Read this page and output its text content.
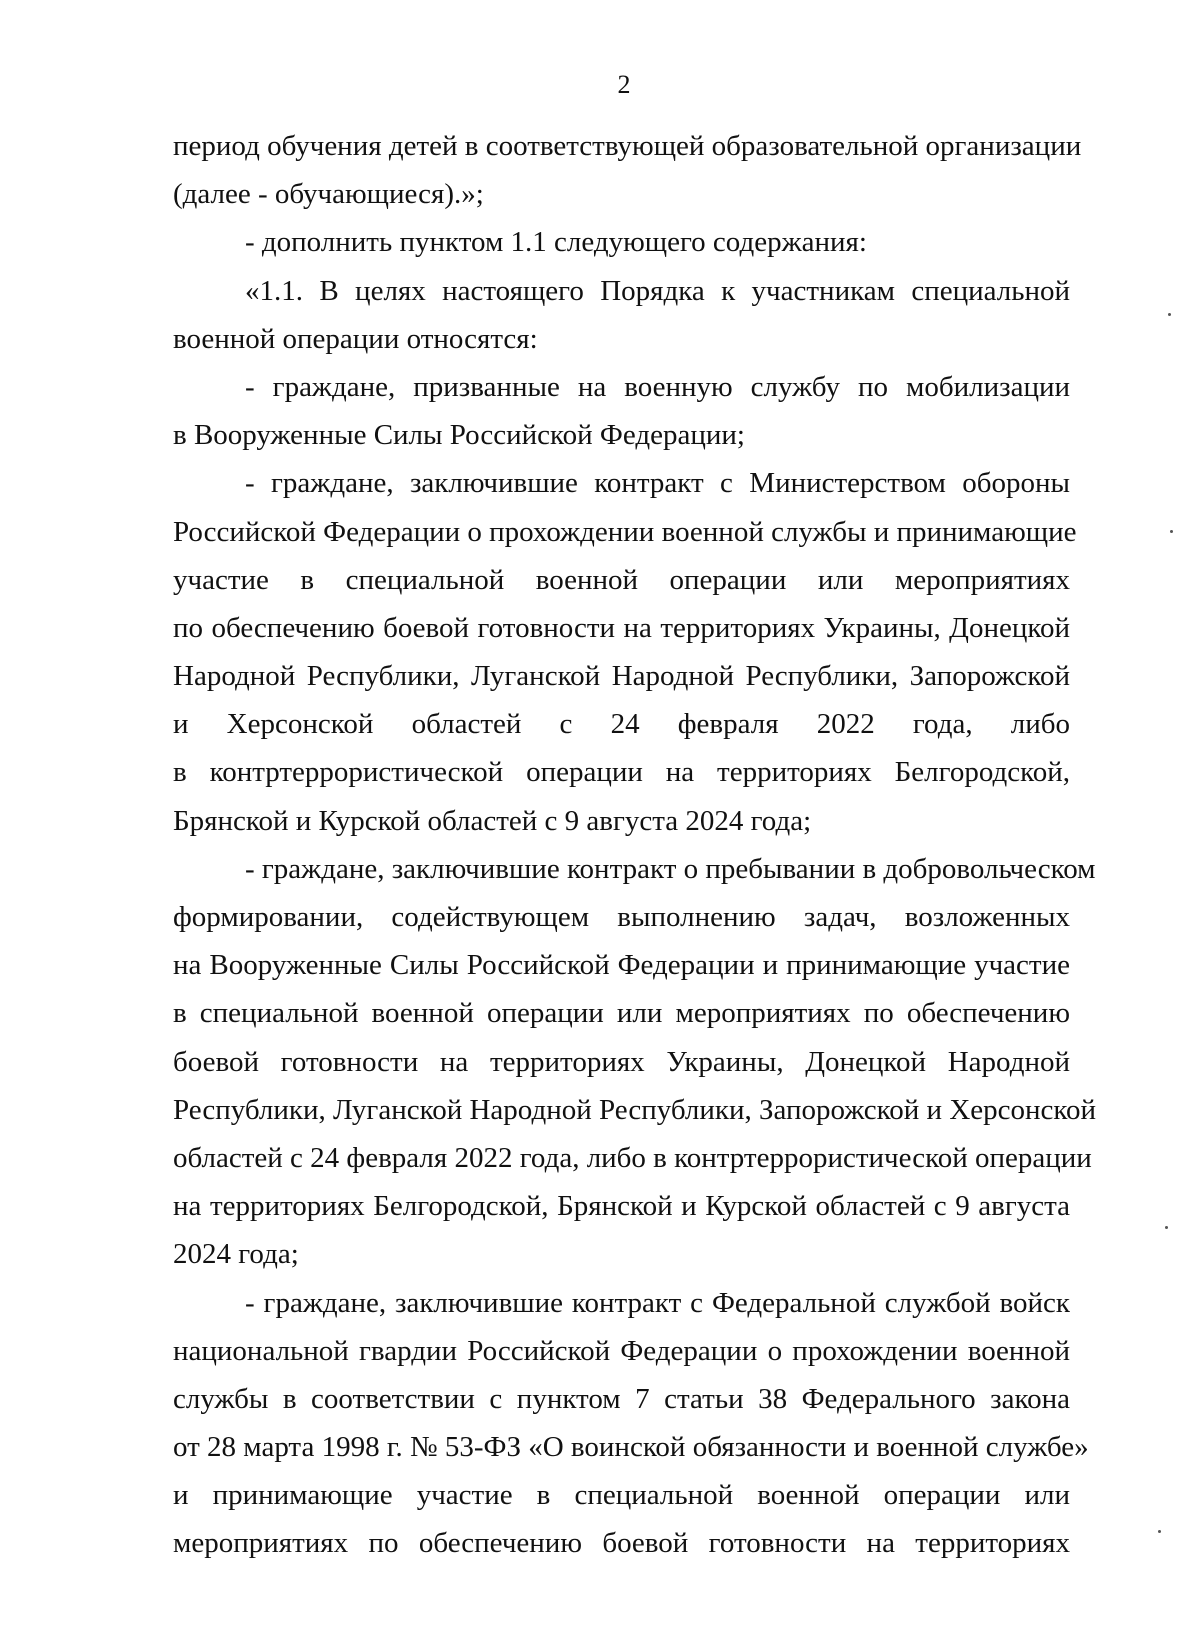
2

период обучения детей в соответствующей образовательной организации
(далее - обучающиеся).»;

- дополнить пунктом 1.1 следующего содержания:

«1.1. В целях настоящего Порядка к участникам специальной
военной операции относятся:

- граждане, призванные на военную службу по мобилизации
в Вооруженные Силы Российской Федерации;

- граждане, заключившие контракт с Министерством обороны
Российской Федерации о прохождении военной службы и принимающие
участие в специальной военной операции или мероприятиях
по обеспечению боевой готовности на территориях Украины, Донецкой
Народной Республики, Луганской Народной Республики, Запорожской
и Херсонской областей с 24 февраля 2022 года, либо
в контртеррористической операции на территориях Белгородской,
Брянской и Курской областей с 9 августа 2024 года;

- граждане, заключившие контракт о пребывании в добровольческом
формировании, содействующем выполнению задач, возложенных
на Вооруженные Силы Российской Федерации и принимающие участие
в специальной военной операции или мероприятиях по обеспечению
боевой готовности на территориях Украины, Донецкой Народной
Республики, Луганской Народной Республики, Запорожской и Херсонской
областей с 24 февраля 2022 года, либо в контртеррористической операции
на территориях Белгородской, Брянской и Курской областей с 9 августа
2024 года;

- граждане, заключившие контракт с Федеральной службой войск
национальной гвардии Российской Федерации о прохождении военной
службы в соответствии с пунктом 7 статьи 38 Федерального закона
от 28 марта 1998 г. № 53-ФЗ «О воинской обязанности и военной службе»
и принимающие участие в специальной военной операции или
мероприятиях по обеспечению боевой готовности на территориях
